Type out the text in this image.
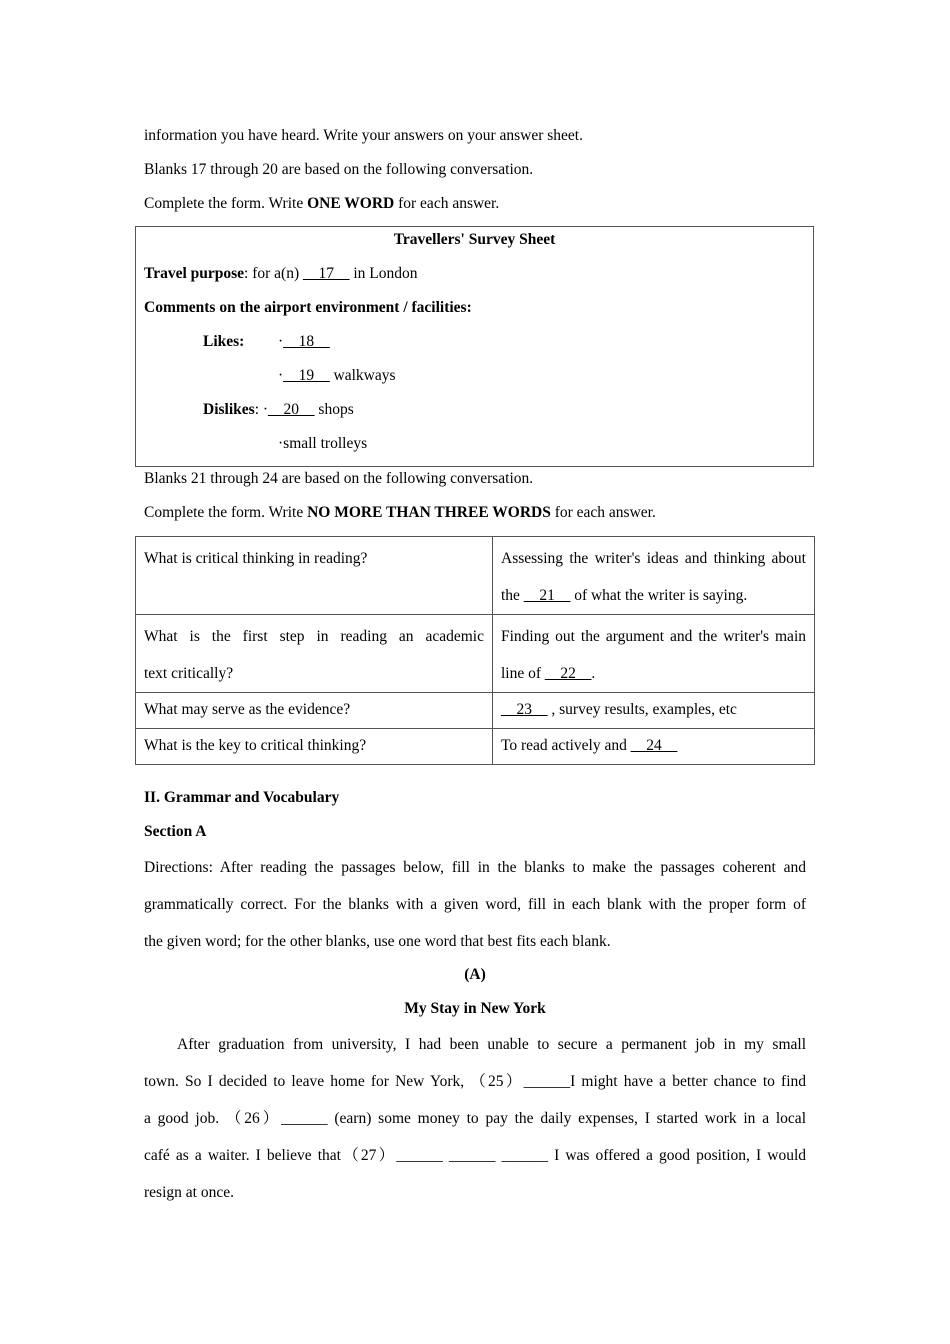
information you have heard. Write your answers on your answer sheet.
Blanks 17 through 20 are based on the following conversation.
Complete the form. Write ONE WORD for each answer.
Travellers' Survey Sheet
Travel purpose: for a(n) __17__ in London
Comments on the airport environment / facilities:
Likes: ·__18__
·__19__ walkways
Dislikes: ·__20__ shops
·small trolleys
Blanks 21 through 24 are based on the following conversation.
Complete the form. Write NO MORE THAN THREE WORDS for each answer.
What is critical thinking in reading?	Assessing the writer's ideas and thinking about
the __21__ of what the writer is saying.

What is the first step in reading an academic
text critically?	Finding out the argument and the writer's main
line of __22__.
What may serve as the evidence?	__23__ , survey results, examples, etc
What is the key to critical thinking?	To read actively and __24__
II. Grammar and Vocabulary
Section A
Directions: After reading the passages below, fill in the blanks to make the passages coherent and
grammatically correct. For the blanks with a given word, fill in each blank with the proper form of
the given word; for the other blanks, use one word that best fits each blank.
(A)
My Stay in New York
After graduation from university, I had been unable to secure a permanent job in my small
town. So I decided to leave home for New York, （25）______I might have a better chance to find
a good job. （26）______ (earn) some money to pay the daily expenses, I started work in a local
café as a waiter. I believe that（27）______ ______ ______ I was offered a good position, I would
resign at once.
